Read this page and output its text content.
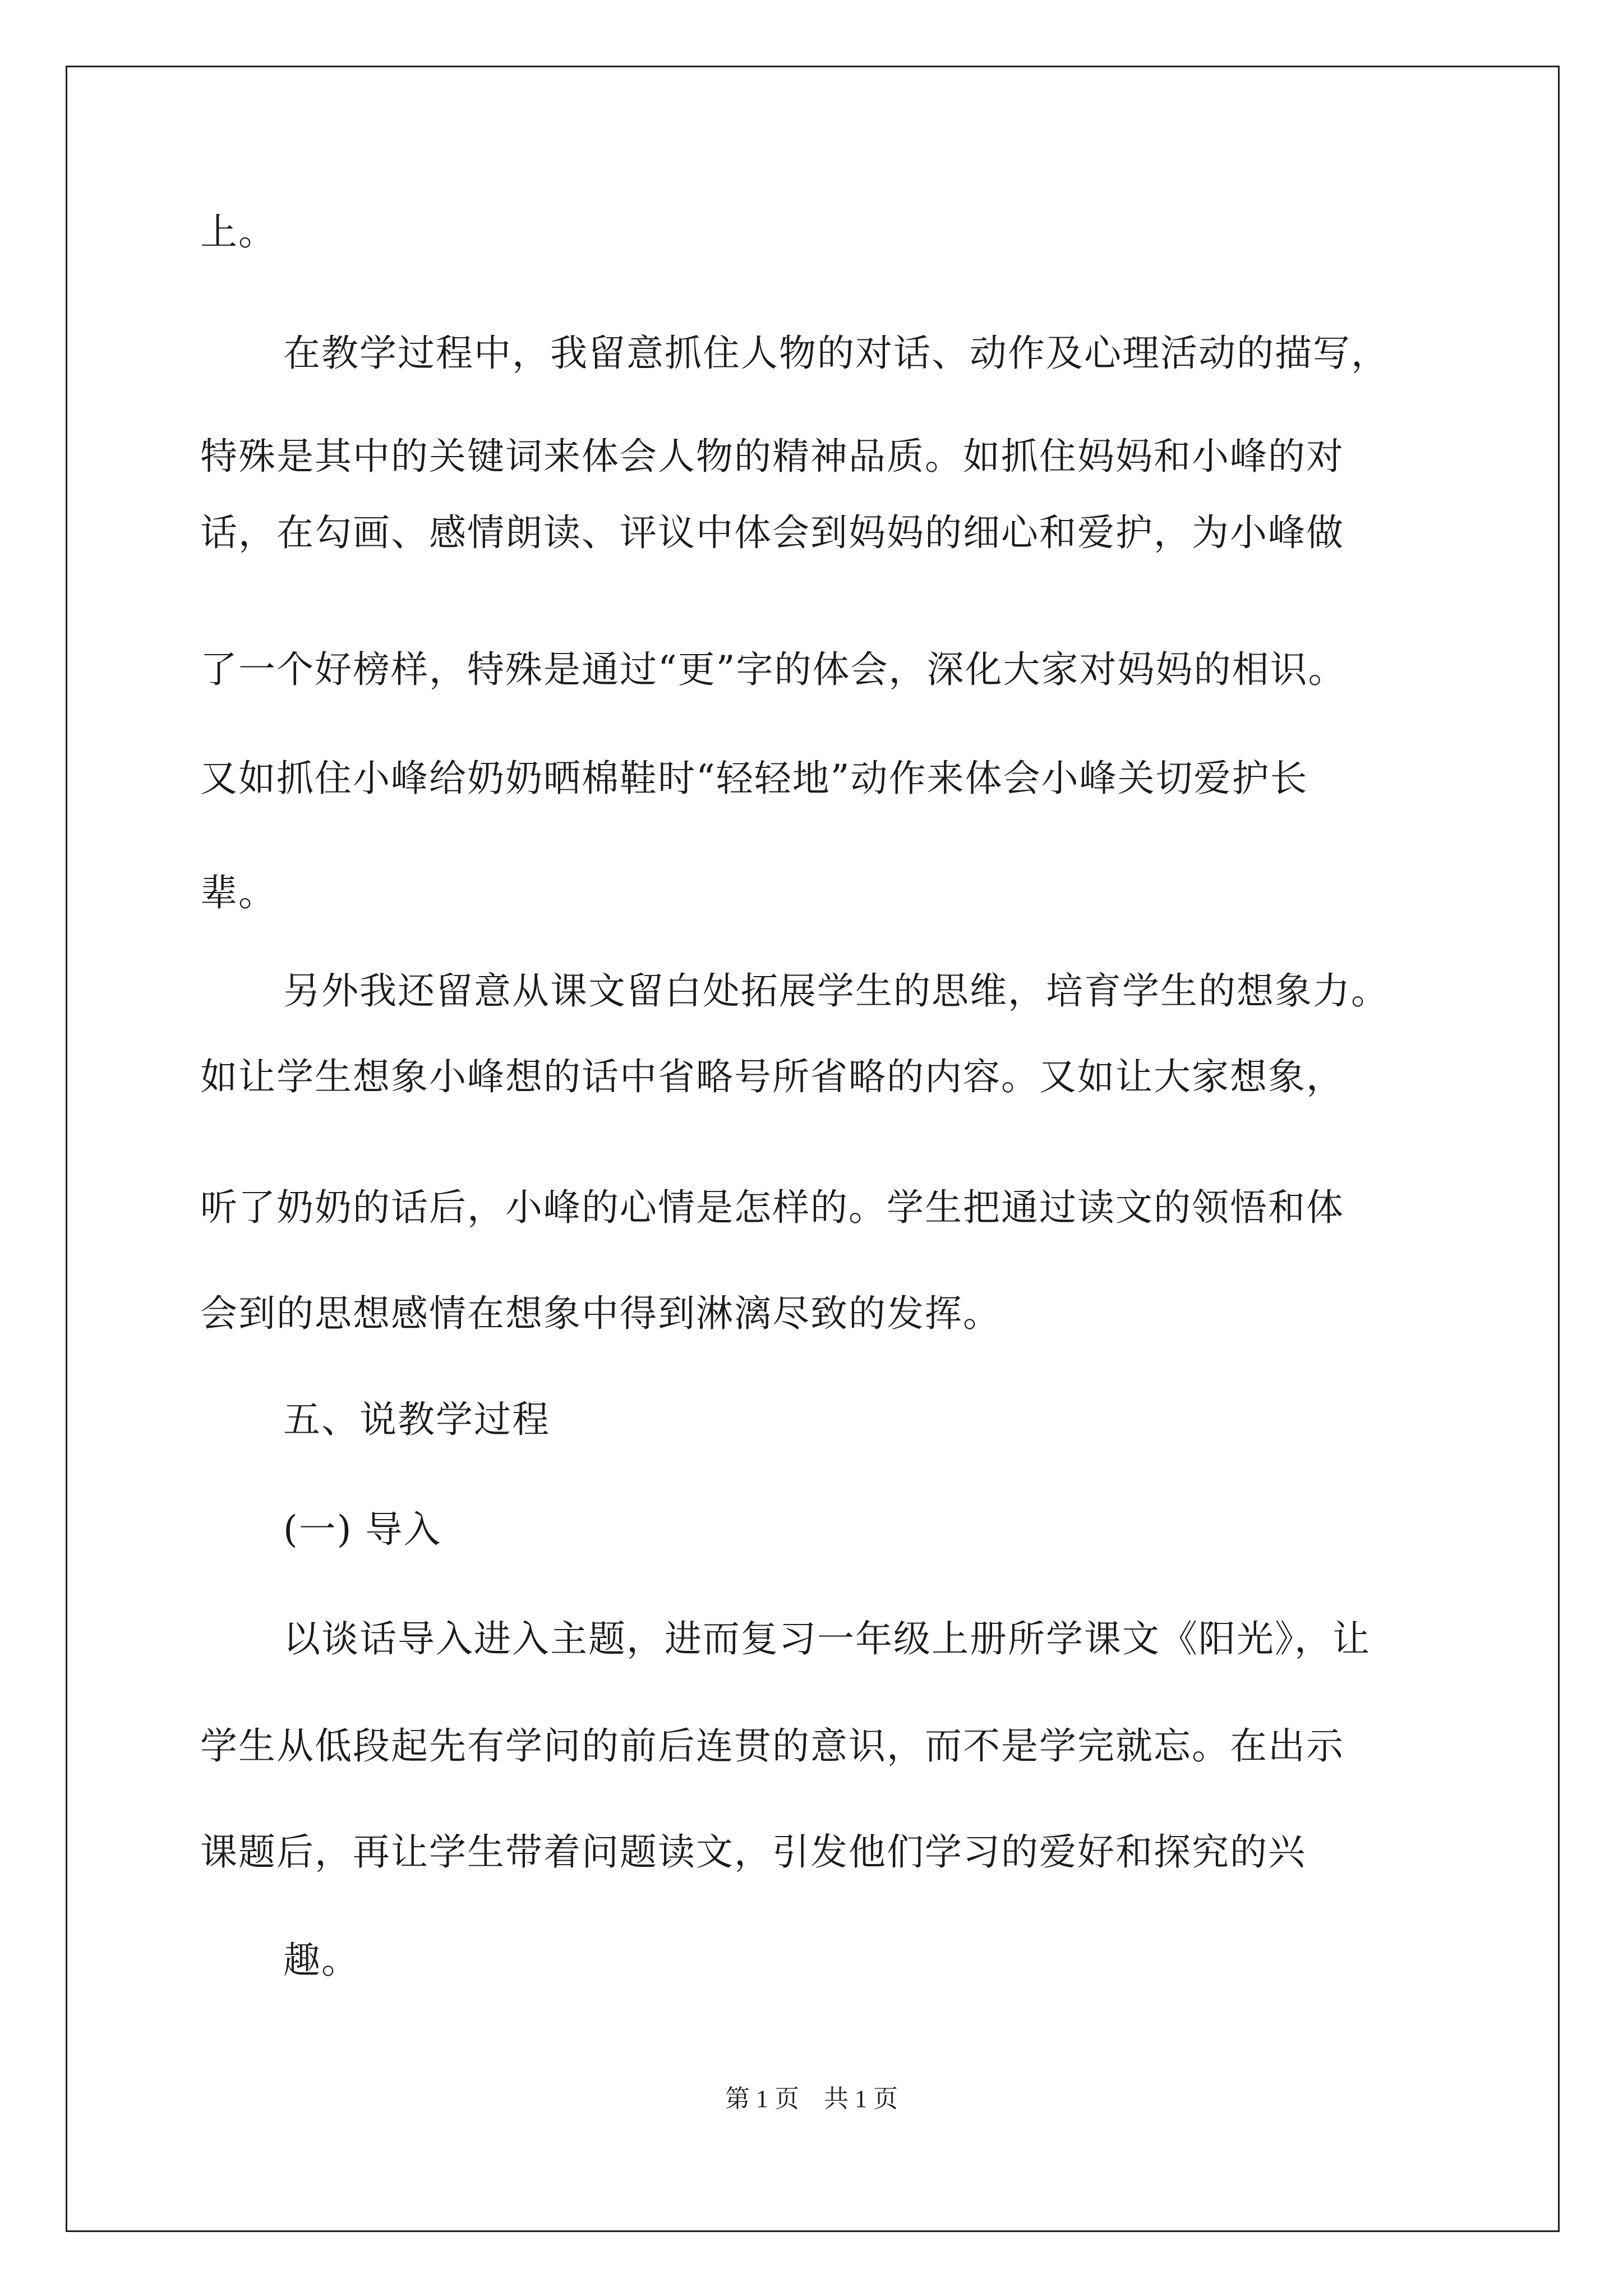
上。
在教学过程中，我留意抓住人物的对话、动作及心理活动的描写，
特殊是其中的关键词来体会人物的精神品质。如抓住妈妈和小峰的对
话，在勾画、感情朗读、评议中体会到妈妈的细心和爱护，为小峰做
了一个好榜样，特殊是通过“更”字的体会，深化大家对妈妈的相识。
又如抓住小峰给奶奶晒棉鞋时“轻轻地”动作来体会小峰关切爱护长
辈。
另外我还留意从课文留白处拓展学生的思维，培育学生的想象力。
如让学生想象小峰想的话中省略号所省略的内容。又如让大家想象，
听了奶奶的话后，小峰的心情是怎样的。学生把通过读文的领悟和体
会到的思想感情在想象中得到淋漓尽致的发挥。
五、说教学过程
(一) 导入
以谈话导入进入主题，进而复习一年级上册所学课文《阳光》，让
学生从低段起先有学问的前后连贯的意识，而不是学完就忘。在出示
课题后，再让学生带着问题读文，引发他们学习的爱好和探究的兴
趣。
第 1 页　共 1 页
